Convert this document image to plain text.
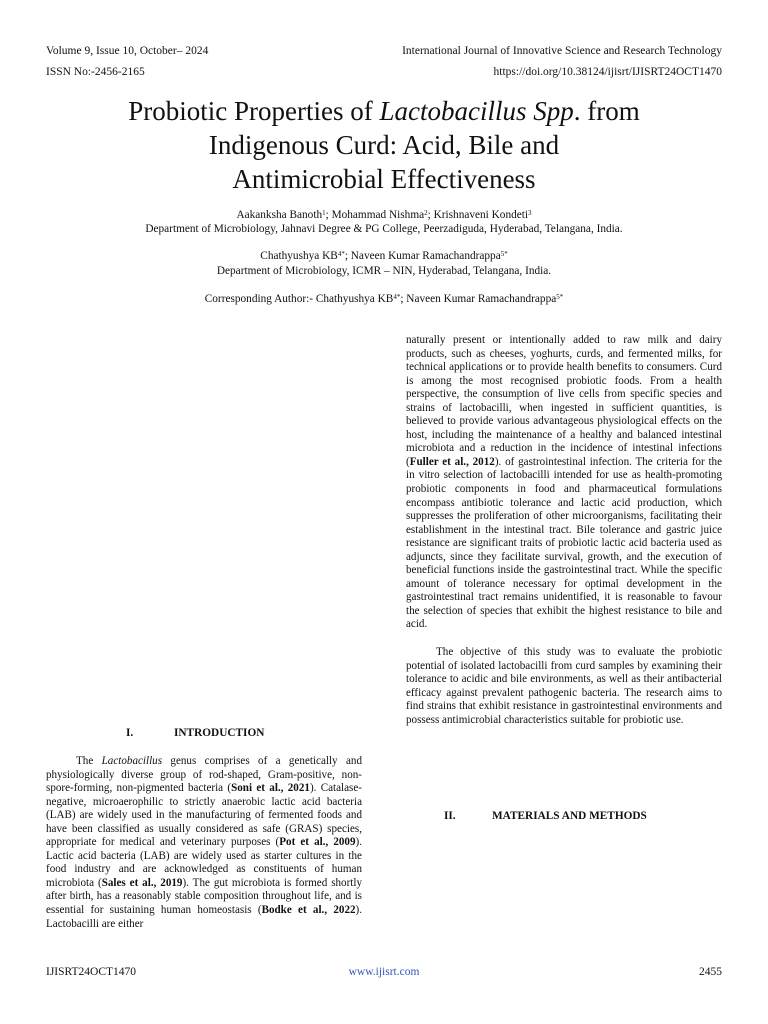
Volume 9, Issue 10, October– 2024	International Journal of Innovative Science and Research Technology
ISSN No:-2456-2165	https://doi.org/10.38124/ijisrt/IJISRT24OCT1470
Probiotic Properties of Lactobacillus Spp. from
Indigenous Curd: Acid, Bile and
Antimicrobial Effectiveness
Aakanksha Banoth$^1$; Mohammad Nishma$^2$; Krishnaveni Kondeti$^3$
Department of Microbiology, Jahnavi Degree & PG College, Peerzadiguda, Hyderabad, Telangana, India.
Chathyushya $KB^{4*}$; Naveen Kumar Ramachandrappa$^{5*}$
Department of Microbiology, ICMR – NIN, Hyderabad, Telangana, India.
Corresponding Author:- Chathyushya $KB^{4*}$; Naveen Kumar Ramachandrappa$^{5*}$
I.	INTRODUCTION

The Lactobacillus genus comprises of a genetically and physiologically diverse group of rod-shaped, Gram-positive, non-spore-forming, non-pigmented bacteria (Soni et al., 2021). Catalase-negative, microaerophilic to strictly anaerobic lactic acid bacteria (LAB) are widely used in the manufacturing of fermented foods and have been classified as usually considered as safe (GRAS) species, appropriate for medical and veterinary purposes (Pot et al., 2009). Lactic acid bacteria (LAB) are widely used as starter cultures in the food industry and are acknowledged as constituents of human microbiota (Sales et al., 2019). The gut microbiota is formed shortly after birth, has a reasonably stable composition throughout life, and is essential for sustaining human homeostasis (Bodke et al., 2022). Lactobacilli are either

naturally present or intentionally added to raw milk and dairy products, such as cheeses, yoghurts, curds, and fermented milks, for technical applications or to provide health benefits to consumers. Curd is among the most recognised probiotic foods. From a health perspective, the consumption of live cells from specific species and strains of lactobacilli, when ingested in sufficient quantities, is believed to provide various advantageous physiological effects on the host, including the maintenance of a healthy and balanced intestinal microbiota and a reduction in the incidence of intestinal infections (Fuller et al., 2012). of gastrointestinal infection. The criteria for the in vitro selection of lactobacilli intended for use as health-promoting probiotic components in food and pharmaceutical formulations encompass antibiotic tolerance and lactic acid production, which suppresses the proliferation of other microorganisms, facilitating their establishment in the intestinal tract. Bile tolerance and gastric juice resistance are significant traits of probiotic lactic acid bacteria used as adjuncts, since they facilitate survival, growth, and the execution of beneficial functions inside the gastrointestinal tract. While the specific amount of tolerance necessary for optimal development in the gastrointestinal tract remains unidentified, it is reasonable to favour the selection of species that exhibit the highest resistance to bile and acid.

The objective of this study was to evaluate the probiotic potential of isolated lactobacilli from curd samples by examining their tolerance to acidic and bile environments, as well as their antibacterial efficacy against prevalent pathogenic bacteria. The research aims to find strains that exhibit resistance in gastrointestinal environments and possess antimicrobial characteristics suitable for probiotic use.

II.	MATERIALS AND METHODS
IJISRT24OCT1470	www.ijisrt.com	2455
